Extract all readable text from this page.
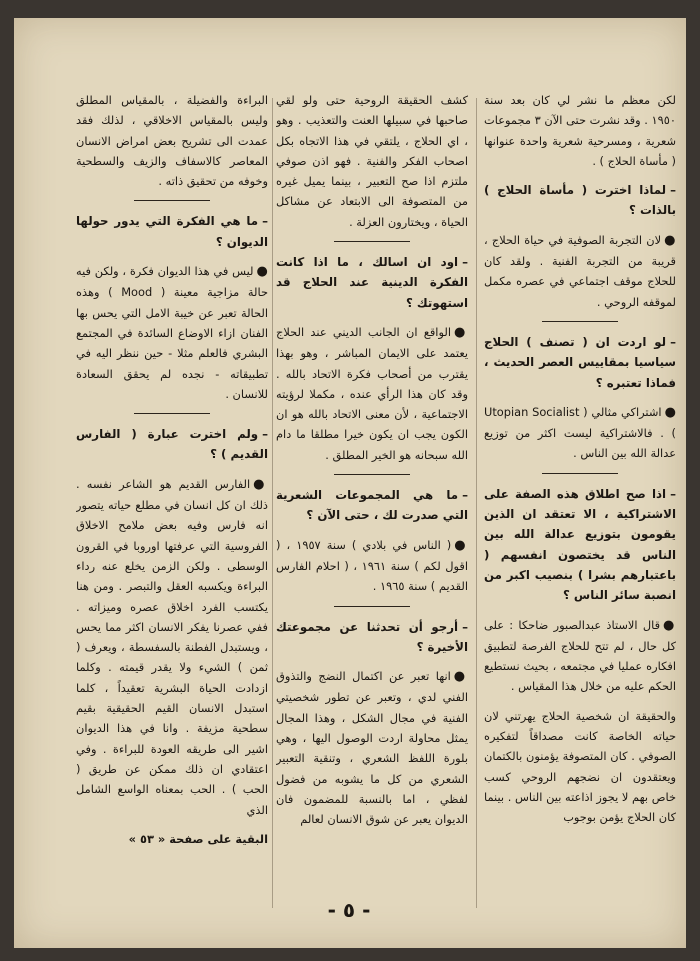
لكن معظم ما نشر لي كان بعد سنة ١٩٥٠ . وقد نشرت حتى الآن ٣ مجموعات شعرية ، ومسرحية شعرية واحدة عنوانها ( مأساة الحلاج ) .

–لماذا اخترت ( مأساة الحلاج ) بالذات ؟

●لان التجربة الصوفية في حياة الحلاج ، قريبة من التجربة الفنية . ولقد كان للحلاج موقف اجتماعي في عصره مكمل لموقفه الروحي .

–لو اردت ان ( تصنف ) الحلاج سياسيا بمقاييس العصر الحديث ، فماذا تعتبره ؟

●اشتراكي مثالي ( Utopian Socialist ) . فالاشتراكية ليست اكثر من توزيع عدالة الله بين الناس .

–اذا صح اطلاق هذه الصفة على الاشتراكية ، الا تعتقد ان الذين يقومون بتوزيع عدالة الله بين الناس قد يختصون انفسهم ( باعتبارهم بشرا ) بنصيب اكبر من انصبة سائر الناس ؟

●قال الاستاذ عبدالصبور ضاحكا : على كل حال ، لم تتح للحلاج الفرصة لتطبيق افكاره عمليا في مجتمعه ، بحيث نستطيع الحكم عليه من خلال هذا المقياس .

والحقيقة ان شخصية الحلاج يهرتني لان حياته الخاصة كانت مصداقاً لتفكيره الصوفي . كان المتصوفة يؤمنون بالكتمان ويعتقدون ان نضجهم الروحي كسب خاص بهم لا يجوز اذاعته بين الناس . بينما كان الحلاج يؤمن بوجوب

كشف الحقيقة الروحية حتى ولو لقي صاحبها في سبيلها العنت والتعذيب . وهو ، اي الحلاج ، يلتقي في هذا الاتجاه بكل اصحاب الفكر والفنية . فهو اذن صوفي ملتزم اذا صح التعبير ، بينما يميل غيره من المتصوفة الى الابتعاد عن مشاكل الحياة ، ويختارون العزلة .

–اود ان اسالك ، ما اذا كانت الفكرة الدينية عند الحلاج قد استهوتك ؟

●الواقع ان الجانب الديني عند الحلاج يعتمد على الايمان المباشر ، وهو بهذا يقترب من أصحاب فكرة الاتحاد بالله . وقد كان هذا الرأي عنده ، مكملا لرؤيته الاجتماعية ، لأن معنى الاتحاد بالله هو ان الكون يجب ان يكون خيرا مطلقا ما دام الله سبحانه هو الخير المطلق .

–ما هي المجموعات الشعرية التي صدرت لك ، حتى الآن ؟

●( الناس في بلادي ) سنة ١٩٥٧ ، ( اقول لكم ) سنة ١٩٦١ ، ( احلام الفارس القديم ) سنة ١٩٦٥ .

–أرجو أن تحدثنا عن مجموعتك الأخيرة ؟

●انها تعبر عن اكتمال النضج والتذوق الفني لدي ، وتعبر عن تطور شخصيتي الفنية في مجال الشكل ، وهذا المجال يمثل محاولة اردت الوصول اليها ، وهي بلورة اللفظ الشعري ، وتنقية التعبير الشعري من كل ما يشوبه من فضول لفظي ، اما بالنسبة للمضمون فان الديوان يعبر عن شوق الانسان لعالم

البراءة والفضيلة ، بالمقياس المطلق وليس بالمقياس الاخلاقي ، لذلك فقد عمدت الى تشريح بعض امراض الانسان المعاصر كالاسفاف والزيف والسطحية وخوفه من تحقيق ذاته .

–ما هي الفكرة التي يدور حولها الديوان ؟

●ليس في هذا الديوان فكرة ، ولكن فيه حالة مزاجية معينة ( Mood ) وهذه الحالة تعبر عن خيبة الامل التي يحس بها الفنان ازاء الاوضاع السائدة في المجتمع البشري فالعلم مثلا - حين ننظر اليه في تطبيقاته - نجده لم يحقق السعادة للانسان .

–ولم اخترت عبارة ( الفارس القديم ) ؟

●الفارس القديم هو الشاعر نفسه . ذلك ان كل انسان في مطلع حياته يتصور انه فارس وفيه بعض ملامح الاخلاق الفروسية التي عرفتها اوروبا في القرون الوسطى . ولكن الزمن يخلع عنه رداء البراءة ويكسبه العقل والتبصر . ومن هنا يكتسب الفرد اخلاق عصره وميزاته . ففي عصرنا يفكر الانسان اكثر مما يحس ، ويستبدل الفطنة بالسفسطة ، ويعرف ( ثمن ) الشيء ولا يقدر قيمته . وكلما ازدادت الحياة البشرية تعقيداً ، كلما استبدل الانسان القيم الحقيقية بقيم سطحية مزيفة . وانا في هذا الديوان اشير الى طريقه العودة للبراءة . وفي اعتقادي ان ذلك ممكن عن طريق ( الحب ) . الحب بمعناه الواسع الشامل الذي

البقية على صفحة « ٥٣ »

- ٥ -
